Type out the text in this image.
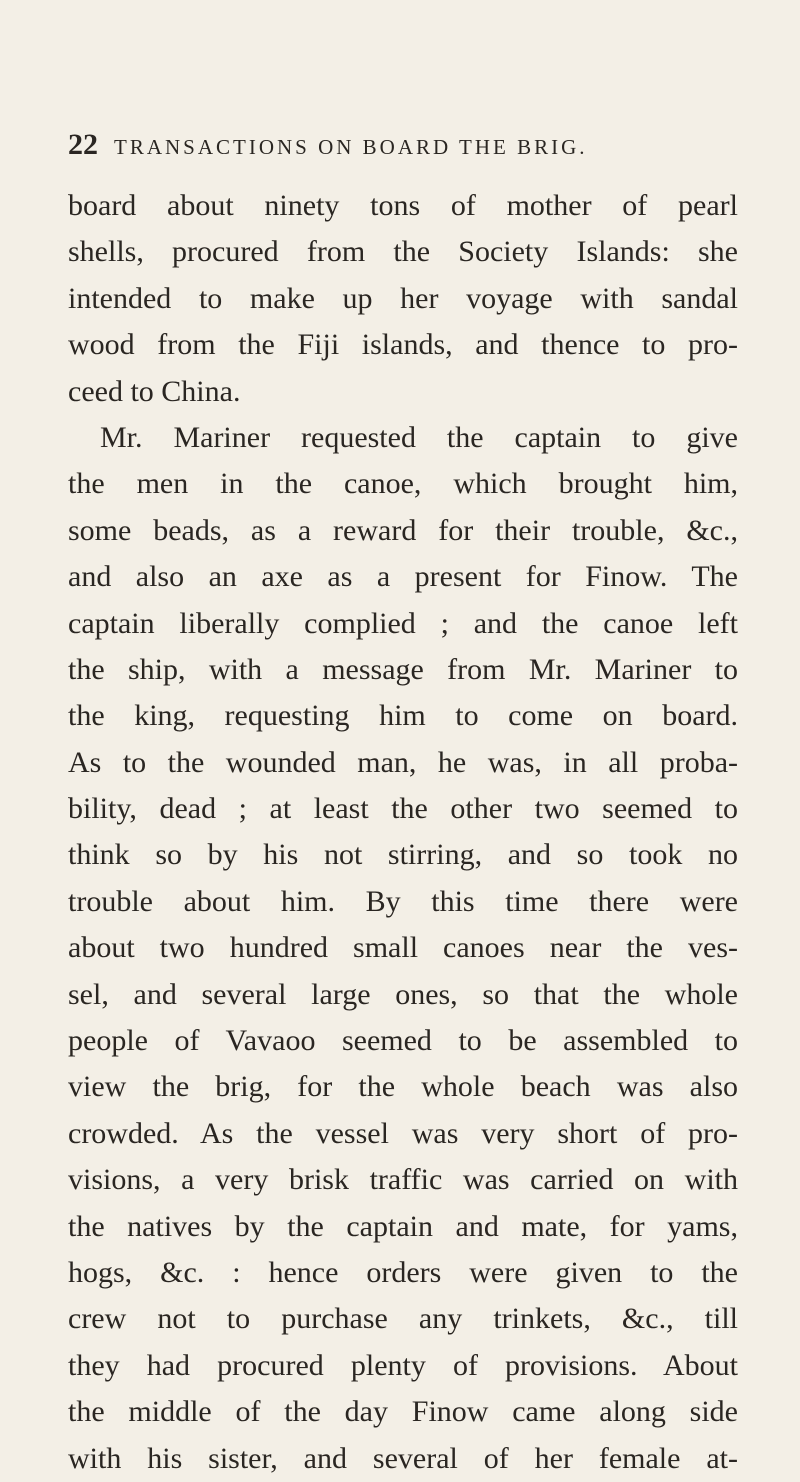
22 TRANSACTIONS ON BOARD THE BRIG.
board about ninety tons of mother of pearl
shells, procured from the Society Islands: she
intended to make up her voyage with sandal
wood from the Fiji islands, and thence to pro-
ceed to China.
Mr. Mariner requested the captain to give
the men in the canoe, which brought him,
some beads, as a reward for their trouble, &c.,
and also an axe as a present for Finow. The
captain liberally complied ; and the canoe left
the ship, with a message from Mr. Mariner to
the king, requesting him to come on board.
As to the wounded man, he was, in all proba-
bility, dead ; at least the other two seemed to
think so by his not stirring, and so took no
trouble about him. By this time there were
about two hundred small canoes near the ves-
sel, and several large ones, so that the whole
people of Vavaoo seemed to be assembled to
view the brig, for the whole beach was also
crowded. As the vessel was very short of pro-
visions, a very brisk traffic was carried on with
the natives by the captain and mate, for yams,
hogs, &c. : hence orders were given to the
crew not to purchase any trinkets, &c., till
they had procured plenty of provisions. About
the middle of the day Finow came along side
with his sister, and several of her female at-
